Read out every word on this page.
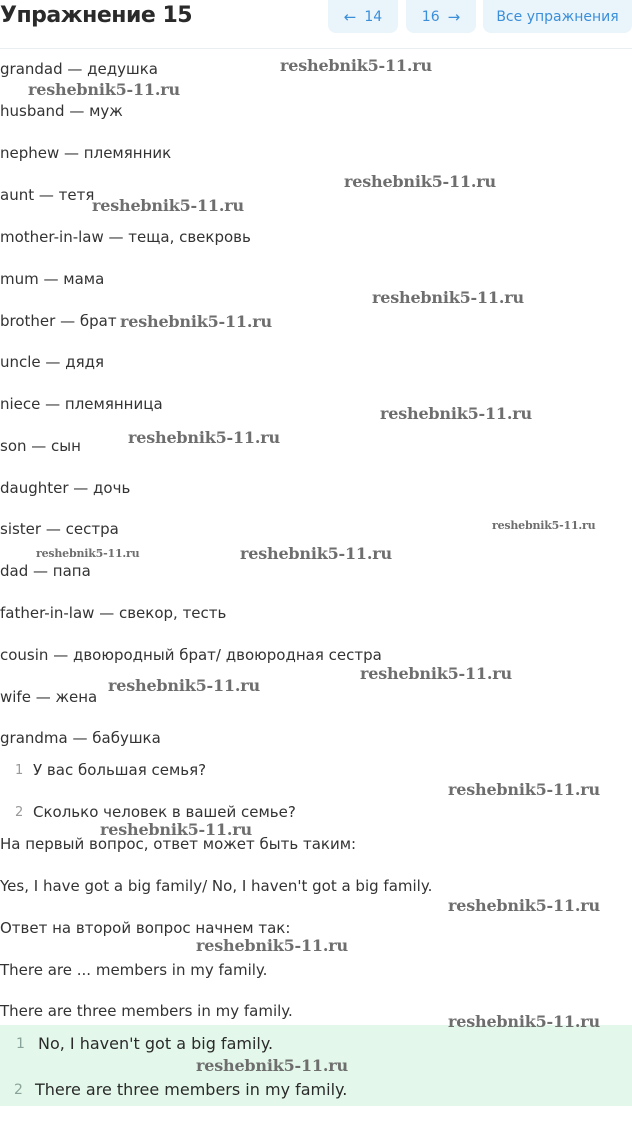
Упражнение 15	← 14	16 →	Все упражнения
grandad — дедушка
husband — муж
nephew — племянник
aunt — тетя
mother-in-law — теща, свекровь
mum — мама
brother — брат
uncle — дядя
niece — племянница
son — сын
daughter — дочь
sister — сестра
dad — папа
father-in-law — свекор, тесть
cousin — двоюродный брат/ двоюродная сестра
wife — жена
grandma — бабушка
1 У вас большая семья?
2 Сколько человек в вашей семье?
На первый вопрос, ответ может быть таким:
Yes, I have got a big family/ No, I haven't got a big family.
Ответ на второй вопрос начнем так:
There are ... members in my family.
There are three members in my family.
1 No, I haven't got a big family.
2 There are three members in my family.
reshebnik5-11.ru
reshebnik5-11.ru
reshebnik5-11.ru
reshebnik5-11.ru
reshebnik5-11.ru
reshebnik5-11.ru
reshebnik5-11.ru
reshebnik5-11.ru
reshebnik5-11.ru
reshebnik5-11.ru	reshebnik5-11.ru
reshebnik5-11.ru
reshebnik5-11.ru
reshebnik5-11.ru
reshebnik5-11.ru
reshebnik5-11.ru
reshebnik5-11.ru
reshebnik5-11.ru
reshebnik5-11.ru
